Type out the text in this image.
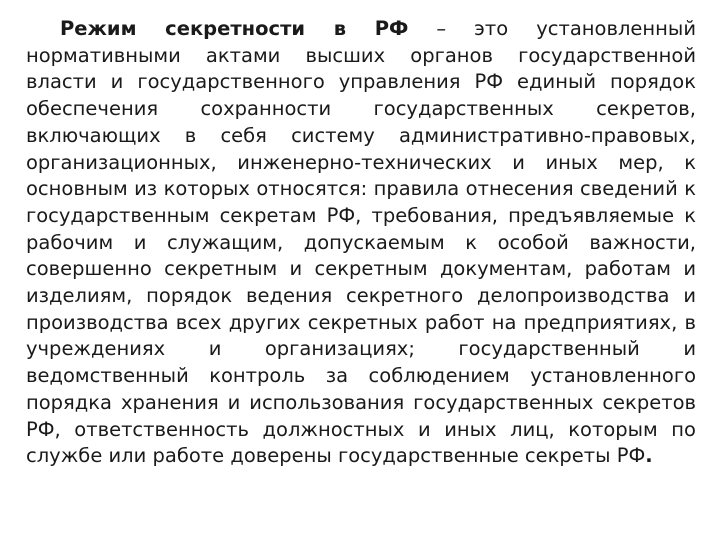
Режим секретности в РФ – это установленный нормативными актами высших органов государственной власти и государственного управления РФ единый порядок обеспечения сохранности государственных секретов, включающих в себя систему административно-правовых, организационных, инженерно-технических и иных мер, к основным из которых относятся: правила отнесения сведений к государственным секретам РФ, требования, предъявляемые к рабочим и служащим, допускаемым к особой важности, совершенно секретным и секретным документам, работам и изделиям, порядок ведения секретного делопроизводства и производства всех других секретных работ на предприятиях, в учреждениях и организациях; государственный и ведомственный контроль за соблюдением установленного порядка хранения и использования государственных секретов РФ, ответственность должностных и иных лиц, которым по службе или работе доверены государственные секреты РФ.
